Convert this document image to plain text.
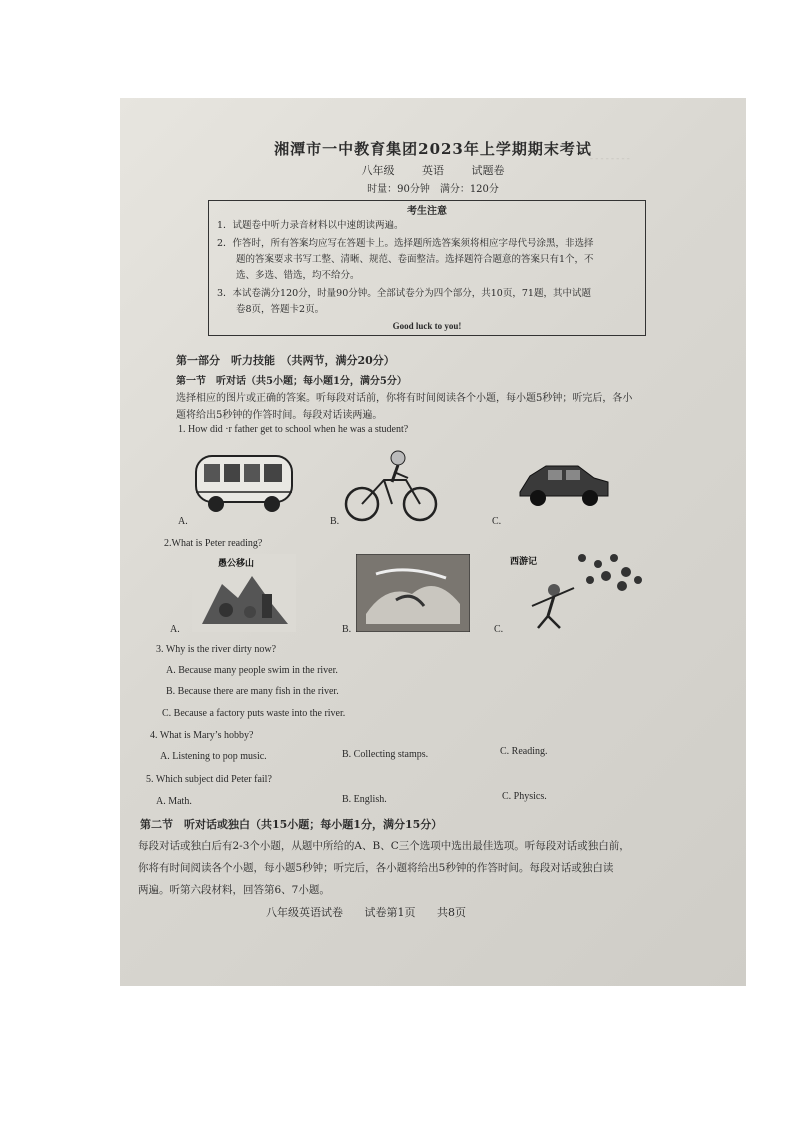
- - - - - - - -
湘潭市一中教育集团2023年上学期期末考试
八年级	英语	试题卷
时量：90分钟　满分：120分
考生注意
1．试题卷中听力录音材料以中速朗读两遍。
2．作答时，所有答案均应写在答题卡上。选择题所选答案须将相应字母代号涂黑，非选择
　　题的答案要求书写工整、清晰、规范、卷面整洁。选择题符合题意的答案只有1个，不
　　选、多选、错选，均不给分。
3．本试卷满分120分，时量90分钟。全部试卷分为四个部分，共10页，71题，其中试题
　　卷8页，答题卡2页。
Good luck to you!
第一部分　听力技能　（共两节，满分20分）
第一节　听对话（共5小题；每小题1分，满分5分）
选择相应的图片或正确的答案。听每段对话前，你将有时间阅读各个小题，每小题5秒钟；听完后，各小
题将给出5秒钟的作答时间。每段对话读两遍。
1. How did ·r father get to school when he was a student?
A.	B.	C.
2.What is Peter reading?
愚公移山
A.	B.
西游记
C.
3. Why is the river dirty now?
A. Because many people swim in the river.
B. Because there are many fish in the river.
C. Because a factory puts waste into the river.
4. What is Mary’s hobby?
A. Listening to pop music.	B. Collecting stamps.	C. Reading.
5. Which subject did Peter fail?
A. Math.	B. English.	C. Physics.
第二节　听对话或独白（共15小题；每小题1分，满分15分）
每段对话或独白后有2-3个小题，从题中所给的A、B、C三个选项中选出最佳选项。听每段对话或独白前，
你将有时间阅读各个小题，每小题5秒钟；听完后，各小题将给出5秒钟的作答时间。每段对话或独白读
两遍。听第六段材料，回答第6、7小题。
八年级英语试卷 试卷第1页 共8页
